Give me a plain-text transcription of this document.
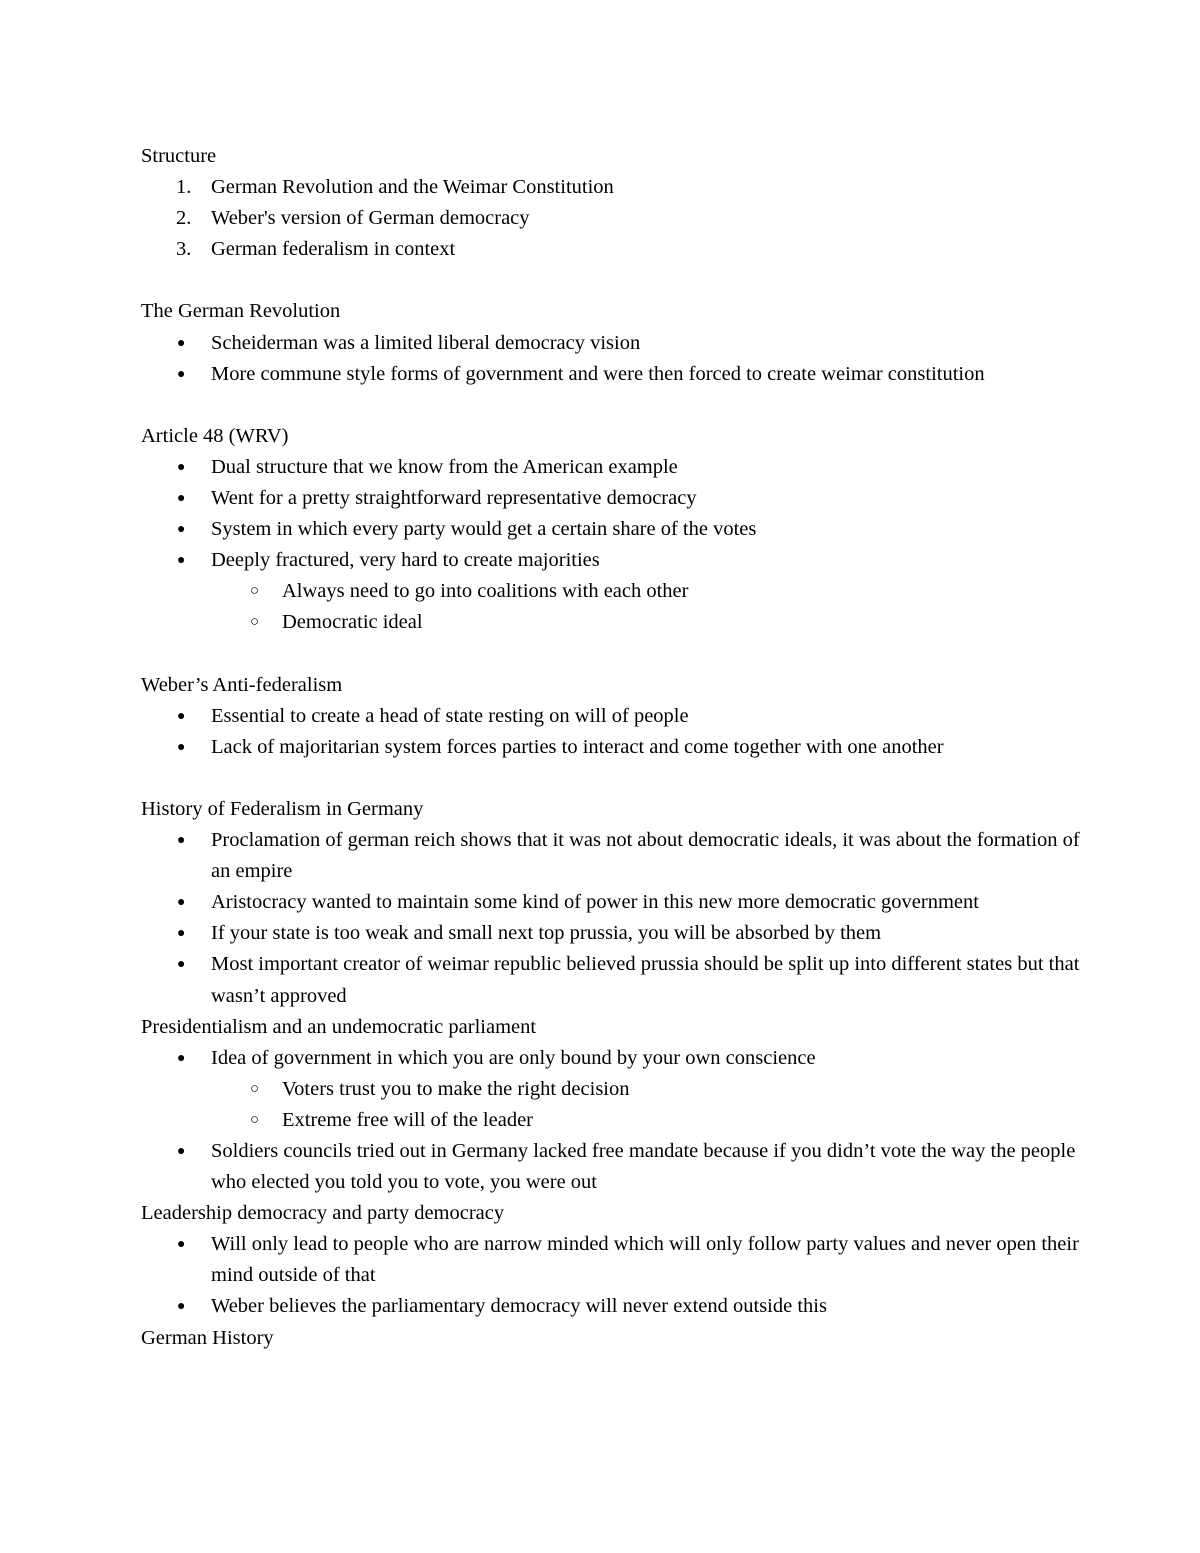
Structure
1. German Revolution and the Weimar Constitution
2. Weber's version of German democracy
3. German federalism in context
The German Revolution
● Scheiderman was a limited liberal democracy vision
● More commune style forms of government and were then forced to create weimar constitution
Article 48 (WRV)
● Dual structure that we know from the American example
● Went for a pretty straightforward representative democracy
● System in which every party would get a certain share of the votes
● Deeply fractured, very hard to create majorities
○ Always need to go into coalitions with each other
○ Democratic ideal
Weber’s Anti-federalism
● Essential to create a head of state resting on will of people
● Lack of majoritarian system forces parties to interact and come together with one another
History of Federalism in Germany
● Proclamation of german reich shows that it was not about democratic ideals, it was about the formation of an empire
● Aristocracy wanted to maintain some kind of power in this new more democratic government
● If your state is too weak and small next top prussia, you will be absorbed by them
● Most important creator of weimar republic believed prussia should be split up into different states but that wasn’t approved
Presidentialism and an undemocratic parliament
● Idea of government in which you are only bound by your own conscience
○ Voters trust you to make the right decision
○ Extreme free will of the leader
● Soldiers councils tried out in Germany lacked free mandate because if you didn’t vote the way the people who elected you told you to vote, you were out
Leadership democracy and party democracy
● Will only lead to people who are narrow minded which will only follow party values and never open their mind outside of that
● Weber believes the parliamentary democracy will never extend outside this
German History
